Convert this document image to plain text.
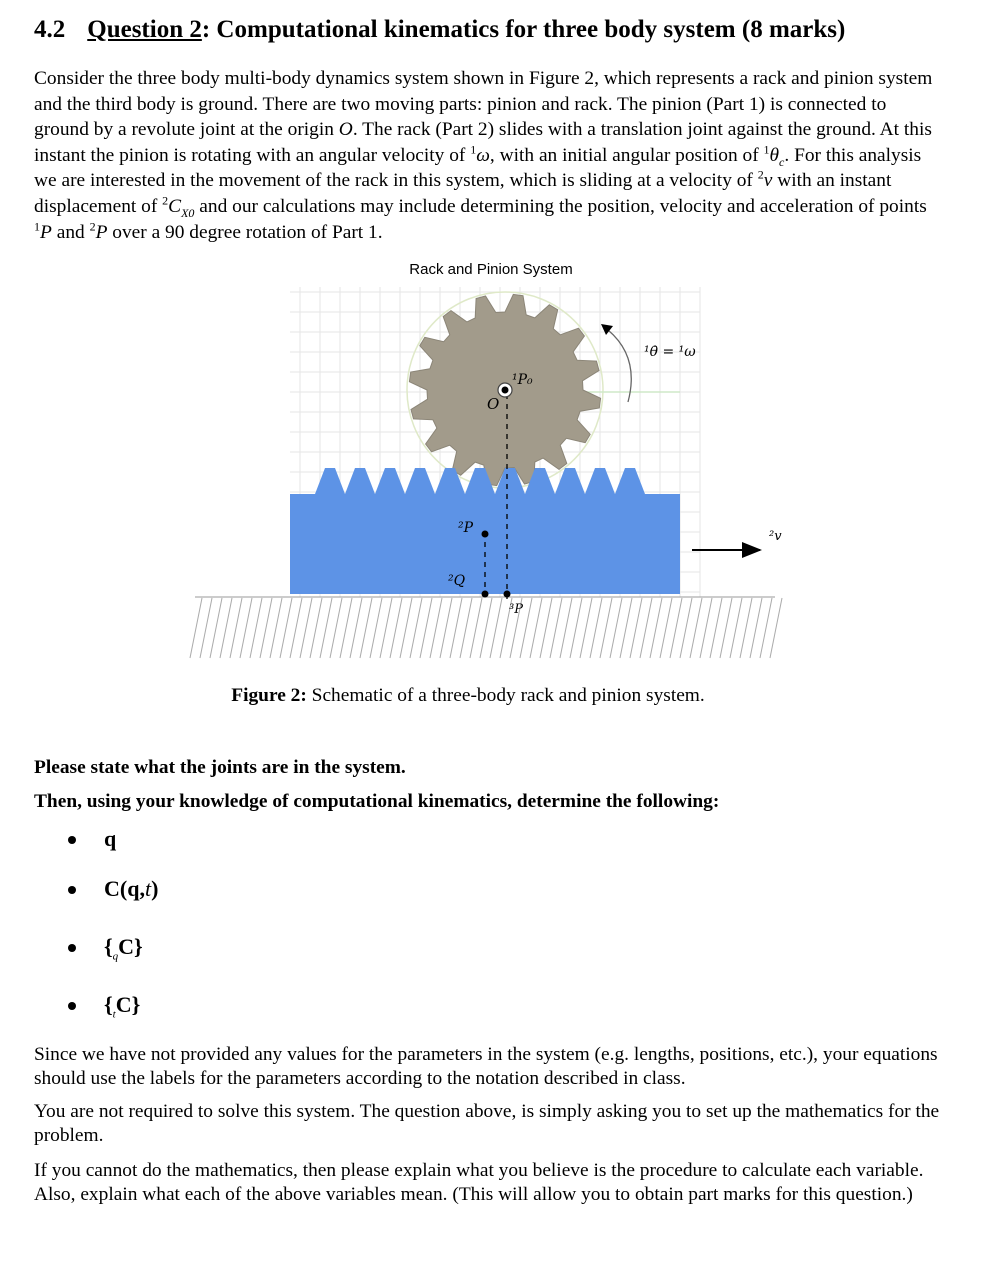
4.2 Question 2: Computational kinematics for three body system (8 marks)
Consider the three body multi-body dynamics system shown in Figure 2, which represents a rack and pinion system and the third body is ground. There are two moving parts: pinion and rack. The pinion (Part 1) is connected to ground by a revolute joint at the origin O. The rack (Part 2) slides with a translation joint against the ground. At this instant the pinion is rotating with an angular velocity of $^1$ω, with an initial angular position of $^1\theta_c$. For this analysis we are interested in the movement of the rack in this system, which is sliding at a velocity of $^2$v with an instant displacement of $^2C_{X0}$ and our calculations may include determining the position, velocity and acceleration of points $^1$P and $^2$P over a 90 degree rotation of Part 1.
Rack and Pinion System
O
¹P₀
¹θ̇ = ¹ω
²P
²Q
³P
²v
Figure 2: Schematic of a three-body rack and pinion system.
Please state what the joints are in the system.
Then, using your knowledge of computational kinematics, determine the following:
q
C(q,t)
$\{_qC\}$
$\{_tC\}$
Since we have not provided any values for the parameters in the system (e.g. lengths, positions, etc.), your equations should use the labels for the parameters according to the notation described in class.
You are not required to solve this system. The question above, is simply asking you to set up the mathematics for the problem.
If you cannot do the mathematics, then please explain what you believe is the procedure to calculate each variable. Also, explain what each of the above variables mean. (This will allow you to obtain part marks for this question.)
